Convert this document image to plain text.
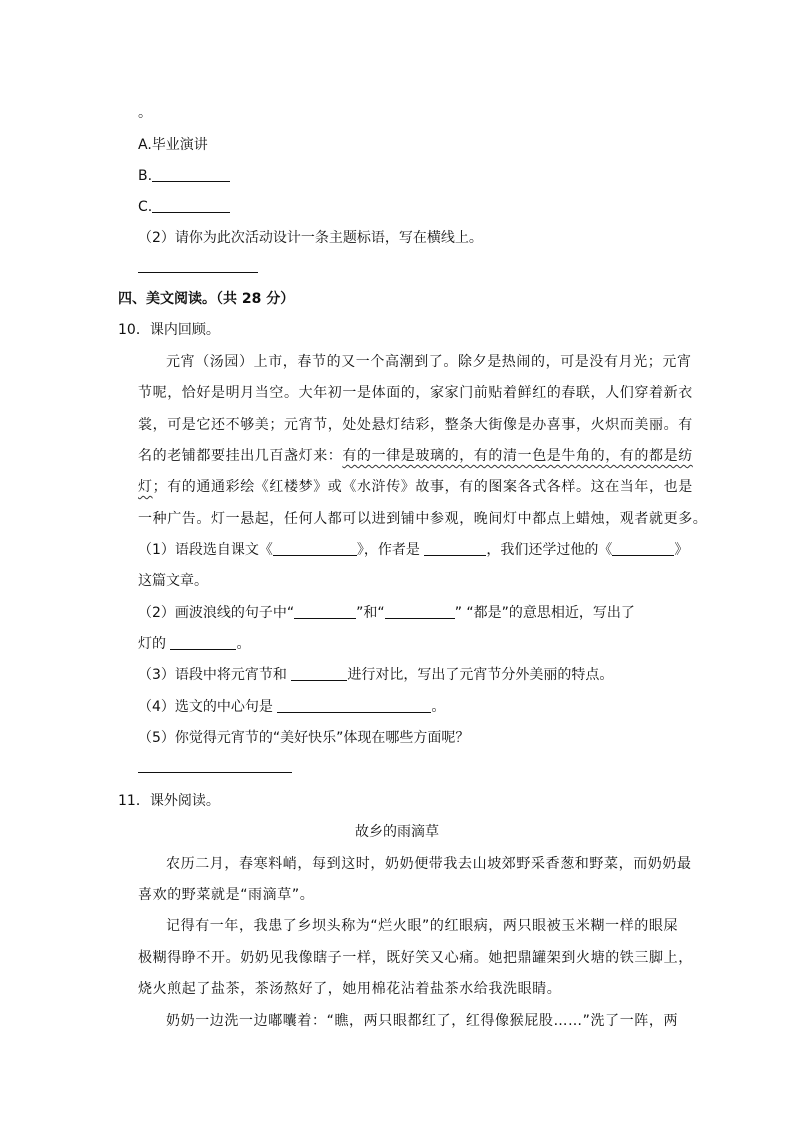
。
A.毕业演讲
B.
C.
（2）请你为此次活动设计一条主题标语，写在横线上。
四、美文阅读。（共 28 分）
10．课内回顾。
元宵（汤园）上市，春节的又一个高潮到了。除夕是热闹的，可是没有月光；元宵
节呢，恰好是明月当空。大年初一是体面的，家家门前贴着鲜红的春联，人们穿着新衣
裳，可是它还不够美；元宵节，处处悬灯结彩，整条大街像是办喜事，火炽而美丽。有
名的老铺都要挂出几百盏灯来：有的一律是玻璃的，有的清一色是牛角的，有的都是纺
灯；有的通通彩绘《红楼梦》或《水浒传》故事，有的图案各式各样。这在当年，也是
一种广告。灯一悬起，任何人都可以进到铺中参观，晚间灯中都点上蜡烛，观者就更多。
（1）语段选自课文《	》，作者是	，我们还学过他的《	》
这篇文章。
（2）画波浪线的句子中“	”和“	” “都是”的意思相近，写出了
灯的	。
（3）语段中将元宵节和	进行对比，写出了元宵节分外美丽的特点。
（4）选文的中心句是	。
（5）你觉得元宵节的“美好快乐”体现在哪些方面呢？
11．课外阅读。
故乡的雨滴草
农历二月，春寒料峭，每到这时，奶奶便带我去山坡郊野采香葱和野菜，而奶奶最
喜欢的野菜就是“雨滴草”。
记得有一年，我患了乡坝头称为“烂火眼”的红眼病，两只眼被玉米糊一样的眼屎
极糊得睁不开。奶奶见我像瞎子一样，既好笑又心痛。她把鼎罐架到火塘的铁三脚上，
烧火煎起了盐茶，茶汤熬好了，她用棉花沾着盐茶水给我洗眼睛。
奶奶一边洗一边嘟囔着：“瞧，两只眼都红了，红得像猴屁股……”洗了一阵，两
